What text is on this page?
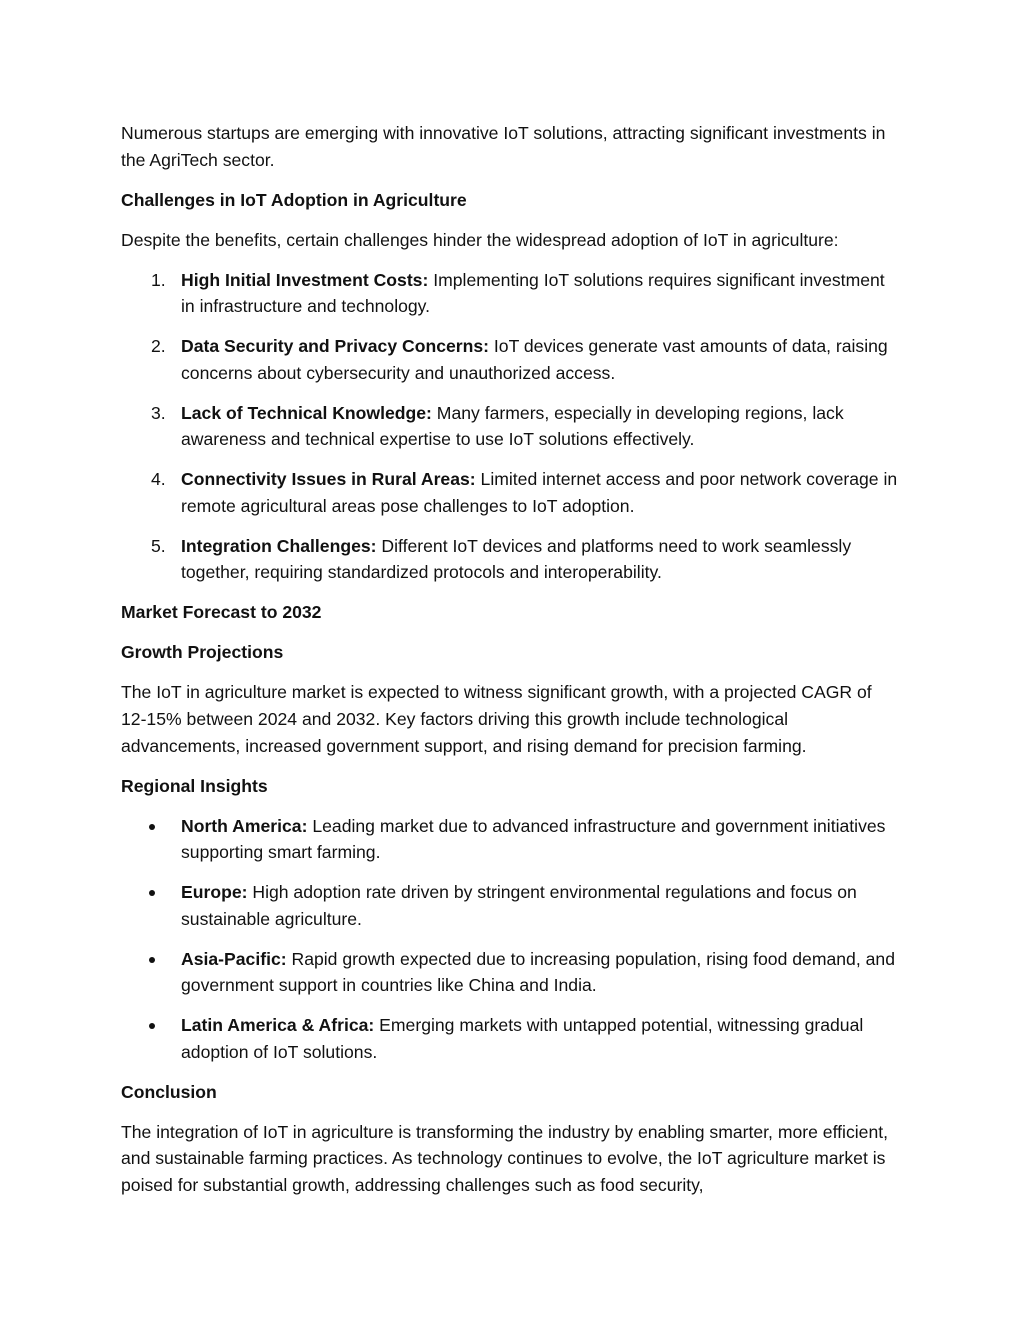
Numerous startups are emerging with innovative IoT solutions, attracting significant investments in the AgriTech sector.

Challenges in IoT Adoption in Agriculture

Despite the benefits, certain challenges hinder the widespread adoption of IoT in agriculture:

1. High Initial Investment Costs: Implementing IoT solutions requires significant investment in infrastructure and technology.
2. Data Security and Privacy Concerns: IoT devices generate vast amounts of data, raising concerns about cybersecurity and unauthorized access.
3. Lack of Technical Knowledge: Many farmers, especially in developing regions, lack awareness and technical expertise to use IoT solutions effectively.
4. Connectivity Issues in Rural Areas: Limited internet access and poor network coverage in remote agricultural areas pose challenges to IoT adoption.
5. Integration Challenges: Different IoT devices and platforms need to work seamlessly together, requiring standardized protocols and interoperability.

Market Forecast to 2032

Growth Projections

The IoT in agriculture market is expected to witness significant growth, with a projected CAGR of 12-15% between 2024 and 2032. Key factors driving this growth include technological advancements, increased government support, and rising demand for precision farming.

Regional Insights

North America: Leading market due to advanced infrastructure and government initiatives supporting smart farming.
Europe: High adoption rate driven by stringent environmental regulations and focus on sustainable agriculture.
Asia-Pacific: Rapid growth expected due to increasing population, rising food demand, and government support in countries like China and India.
Latin America & Africa: Emerging markets with untapped potential, witnessing gradual adoption of IoT solutions.

Conclusion

The integration of IoT in agriculture is transforming the industry by enabling smarter, more efficient, and sustainable farming practices. As technology continues to evolve, the IoT agriculture market is poised for substantial growth, addressing challenges such as food security,
